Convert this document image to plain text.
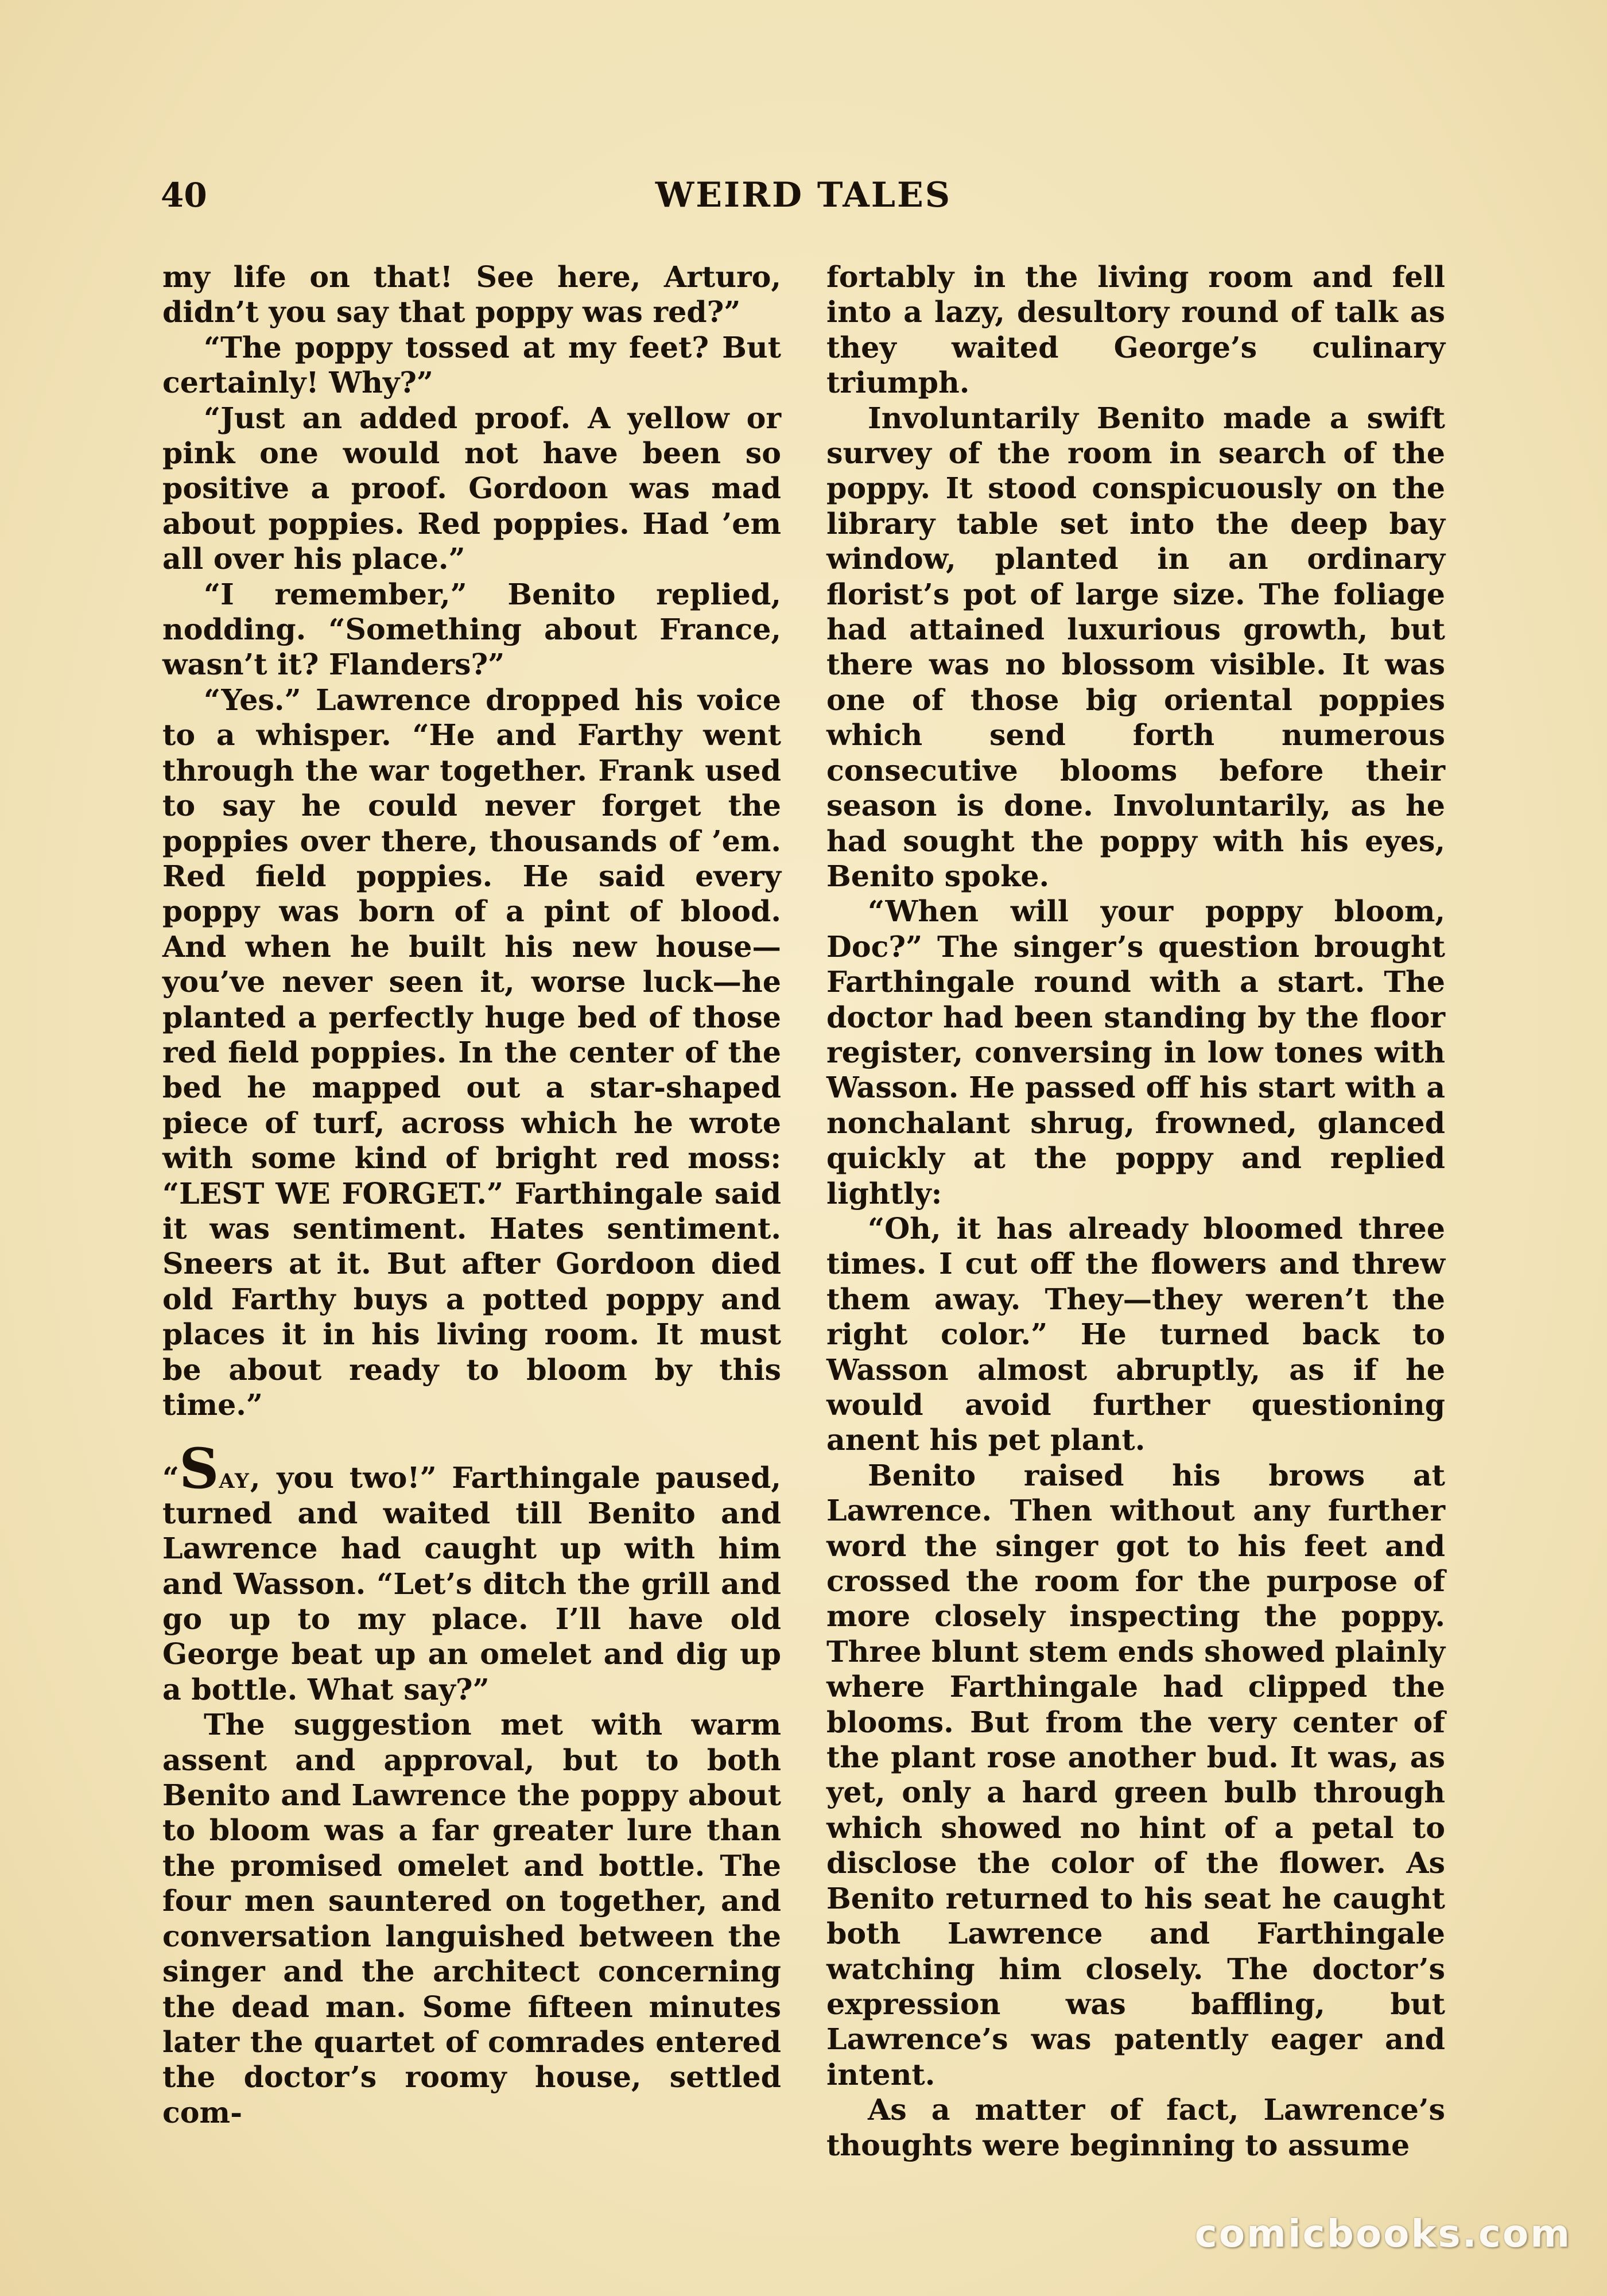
40	WEIRD TALES

my life on that! See here, Arturo, didn’t you say that poppy was red?”

“The poppy tossed at my feet? But certainly! Why?”

“Just an added proof. A yellow or pink one would not have been so positive a proof. Gordoon was mad about poppies. Red poppies. Had ’em all over his place.”

“I remember,” Benito replied, nodding. “Something about France, wasn’t it? Flanders?”

“Yes.” Lawrence dropped his voice to a whisper. “He and Farthy went through the war together. Frank used to say he could never forget the poppies over there, thousands of ’em. Red field poppies. He said every poppy was born of a pint of blood. And when he built his new house—you’ve never seen it, worse luck—he planted a perfectly huge bed of those red field poppies. In the center of the bed he mapped out a star-shaped piece of turf, across which he wrote with some kind of bright red moss: “LEST WE FORGET.” Farthingale said it was sentiment. Hates sentiment. Sneers at it. But after Gordoon died old Farthy buys a potted poppy and places it in his living room. It must be about ready to bloom by this time.”

“Say, you two!” Farthingale paused, turned and waited till Benito and Lawrence had caught up with him and Wasson. “Let’s ditch the grill and go up to my place. I’ll have old George beat up an omelet and dig up a bottle. What say?”

The suggestion met with warm assent and approval, but to both Benito and Lawrence the poppy about to bloom was a far greater lure than the promised omelet and bottle. The four men sauntered on together, and conversation languished between the singer and the architect concerning the dead man. Some fifteen minutes later the quartet of comrades entered the doctor’s roomy house, settled com-

fortably in the living room and fell into a lazy, desultory round of talk as they waited George’s culinary triumph.

Involuntarily Benito made a swift survey of the room in search of the poppy. It stood conspicuously on the library table set into the deep bay window, planted in an ordinary florist’s pot of large size. The foliage had attained luxurious growth, but there was no blossom visible. It was one of those big oriental poppies which send forth numerous consecutive blooms before their season is done. Involuntarily, as he had sought the poppy with his eyes, Benito spoke.

“When will your poppy bloom, Doc?” The singer’s question brought Farthingale round with a start. The doctor had been standing by the floor register, conversing in low tones with Wasson. He passed off his start with a nonchalant shrug, frowned, glanced quickly at the poppy and replied lightly:

“Oh, it has already bloomed three times. I cut off the flowers and threw them away. They—they weren’t the right color.” He turned back to Wasson almost abruptly, as if he would avoid further questioning anent his pet plant.

Benito raised his brows at Lawrence. Then without any further word the singer got to his feet and crossed the room for the purpose of more closely inspecting the poppy. Three blunt stem ends showed plainly where Farthingale had clipped the blooms. But from the very center of the plant rose another bud. It was, as yet, only a hard green bulb through which showed no hint of a petal to disclose the color of the flower. As Benito returned to his seat he caught both Lawrence and Farthingale watching him closely. The doctor’s expression was baffling, but Lawrence’s was patently eager and intent.

As a matter of fact, Lawrence’s thoughts were beginning to assume

comicbooks.com
